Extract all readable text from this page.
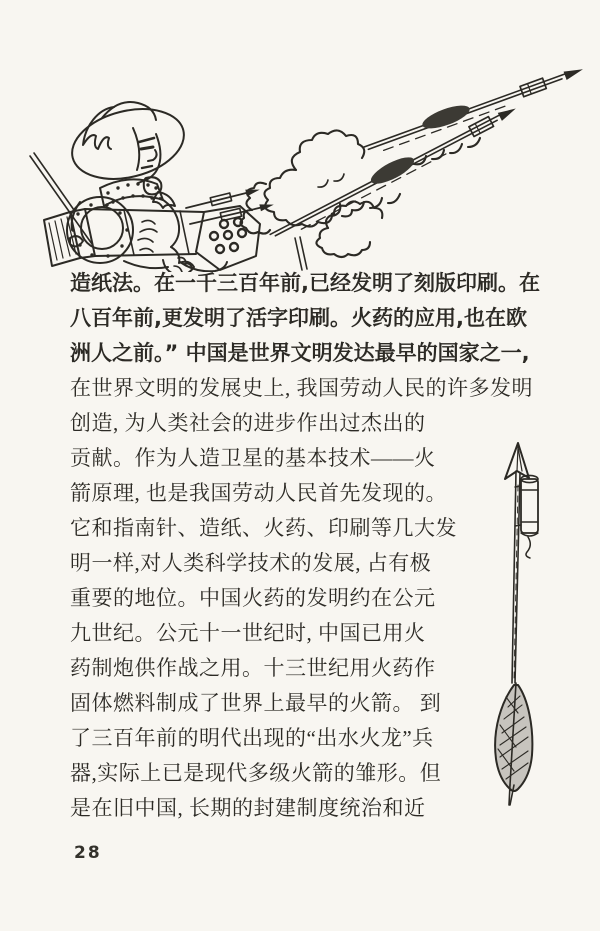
造纸法。在一千三百年前,已经发明了刻版印刷。在
八百年前,更发明了活字印刷。火药的应用,也在欧
洲人之前。” 中国是世界文明发达最早的国家之一,
在世界文明的发展史上, 我国劳动人民的许多发明
创造, 为人类社会的进步作出过杰出的
贡献。作为人造卫星的基本技术——火
箭原理, 也是我国劳动人民首先发现的。
它和指南针、造纸、火药、印刷等几大发
明一样,对人类科学技术的发展, 占有极
重要的地位。中国火药的发明约在公元
九世纪。公元十一世纪时, 中国已用火
药制炮供作战之用。十三世纪用火药作
固体燃料制成了世界上最早的火箭。 到
了三百年前的明代出现的“出水火龙”兵
器,实际上已是现代多级火箭的雏形。但
是在旧中国, 长期的封建制度统治和近
28
